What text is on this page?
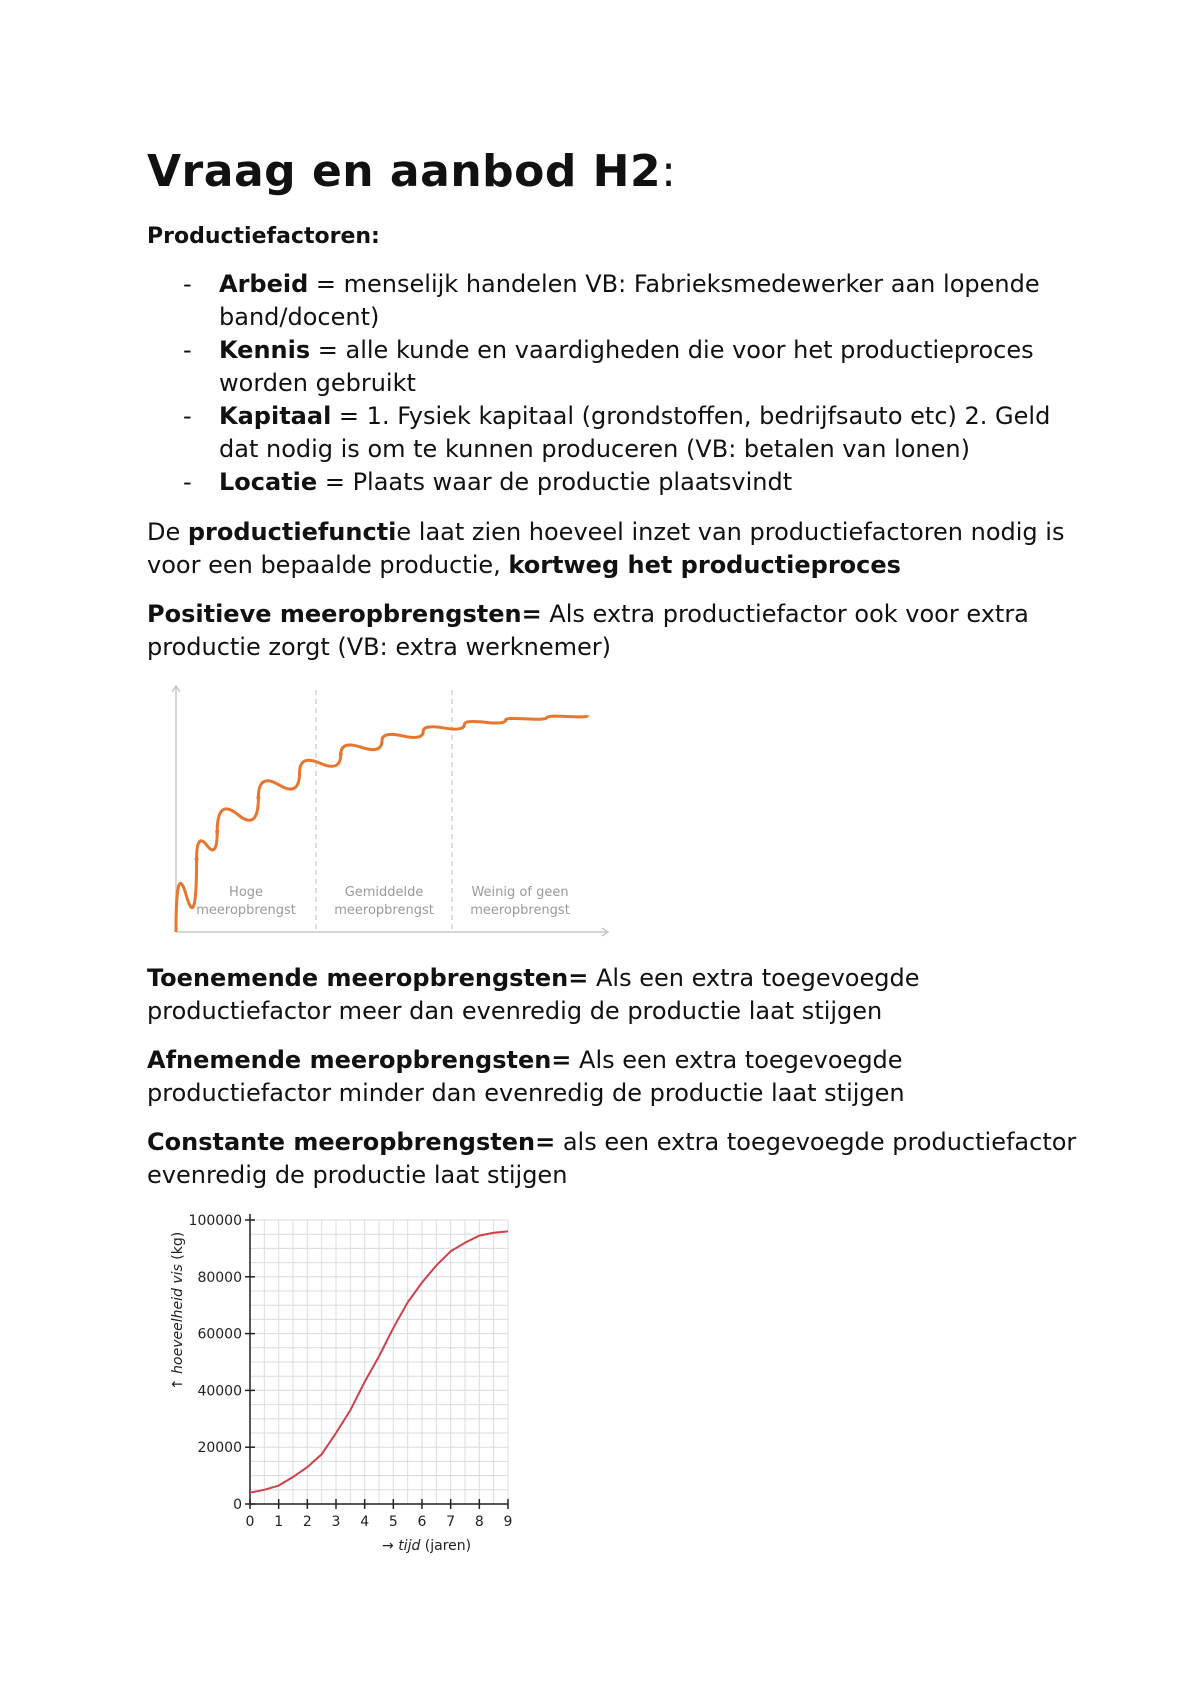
Vraag en aanbod H2:

Productiefactoren:

- Arbeid = menselijk handelen VB: Fabrieksmedewerker aan lopende band/docent)
- Kennis = alle kunde en vaardigheden die voor het productieproces worden gebruikt
- Kapitaal = 1. Fysiek kapitaal (grondstoffen, bedrijfsauto etc) 2. Geld dat nodig is om te kunnen produceren (VB: betalen van lonen)
- Locatie = Plaats waar de productie plaatsvindt

De productiefunctie laat zien hoeveel inzet van productiefactoren nodig is voor een bepaalde productie, kortweg het productieproces

Positieve meeropbrengsten= Als extra productiefactor ook voor extra productie zorgt (VB: extra werknemer)

Toenemende meeropbrengsten= Als een extra toegevoegde productiefactor meer dan evenredig de productie laat stijgen

Afnemende meeropbrengsten= Als een extra toegevoegde productiefactor minder dan evenredig de productie laat stijgen

Constante meeropbrengsten= als een extra toegevoegde productiefactor evenredig de productie laat stijgen

Hoge
meeropbrengst
Gemiddelde
meeropbrengst
Weinig of geen
meeropbrengst
0
20000
40000
60000
80000
100000
0 1 2 3 4 5 6 7 8 9
→ tijd (jaren)
↑ hoeveelheid vis (kg)
